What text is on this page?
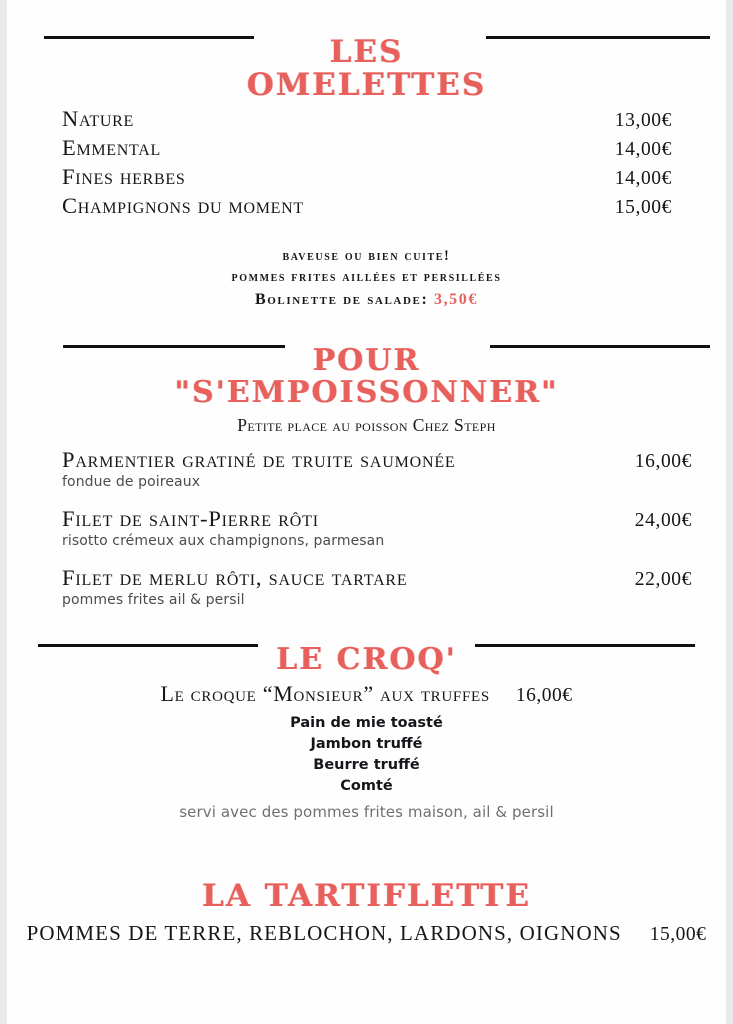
LES
OMELETTES
Nature	13,00€
Emmental	14,00€
Fines herbes	14,00€
Champignons du moment	15,00€
baveuse ou bien cuite!
pommes frites aillées et persillées
Bolinette de salade: 3,50€
POUR
"S'EMPOISSONNER"

Petite place au poisson Chez Steph

Parmentier gratiné de truite saumonée	16,00€
fondue de poireaux
Filet de saint-Pierre rôti	24,00€
risotto crémeux aux champignons, parmesan
Filet de merlu rôti, sauce tartare	22,00€
pommes frites ail & persil
LE CROQ'
Le croque “Monsieur” aux truffes 16,00€
Pain de mie toasté
Jambon truffé
Beurre truffé
Comté
servi avec des pommes frites maison, ail & persil
LA TARTIFLETTE
POMMES DE TERRE, REBLOCHON, LARDONS, OIGNONS 15,00€
